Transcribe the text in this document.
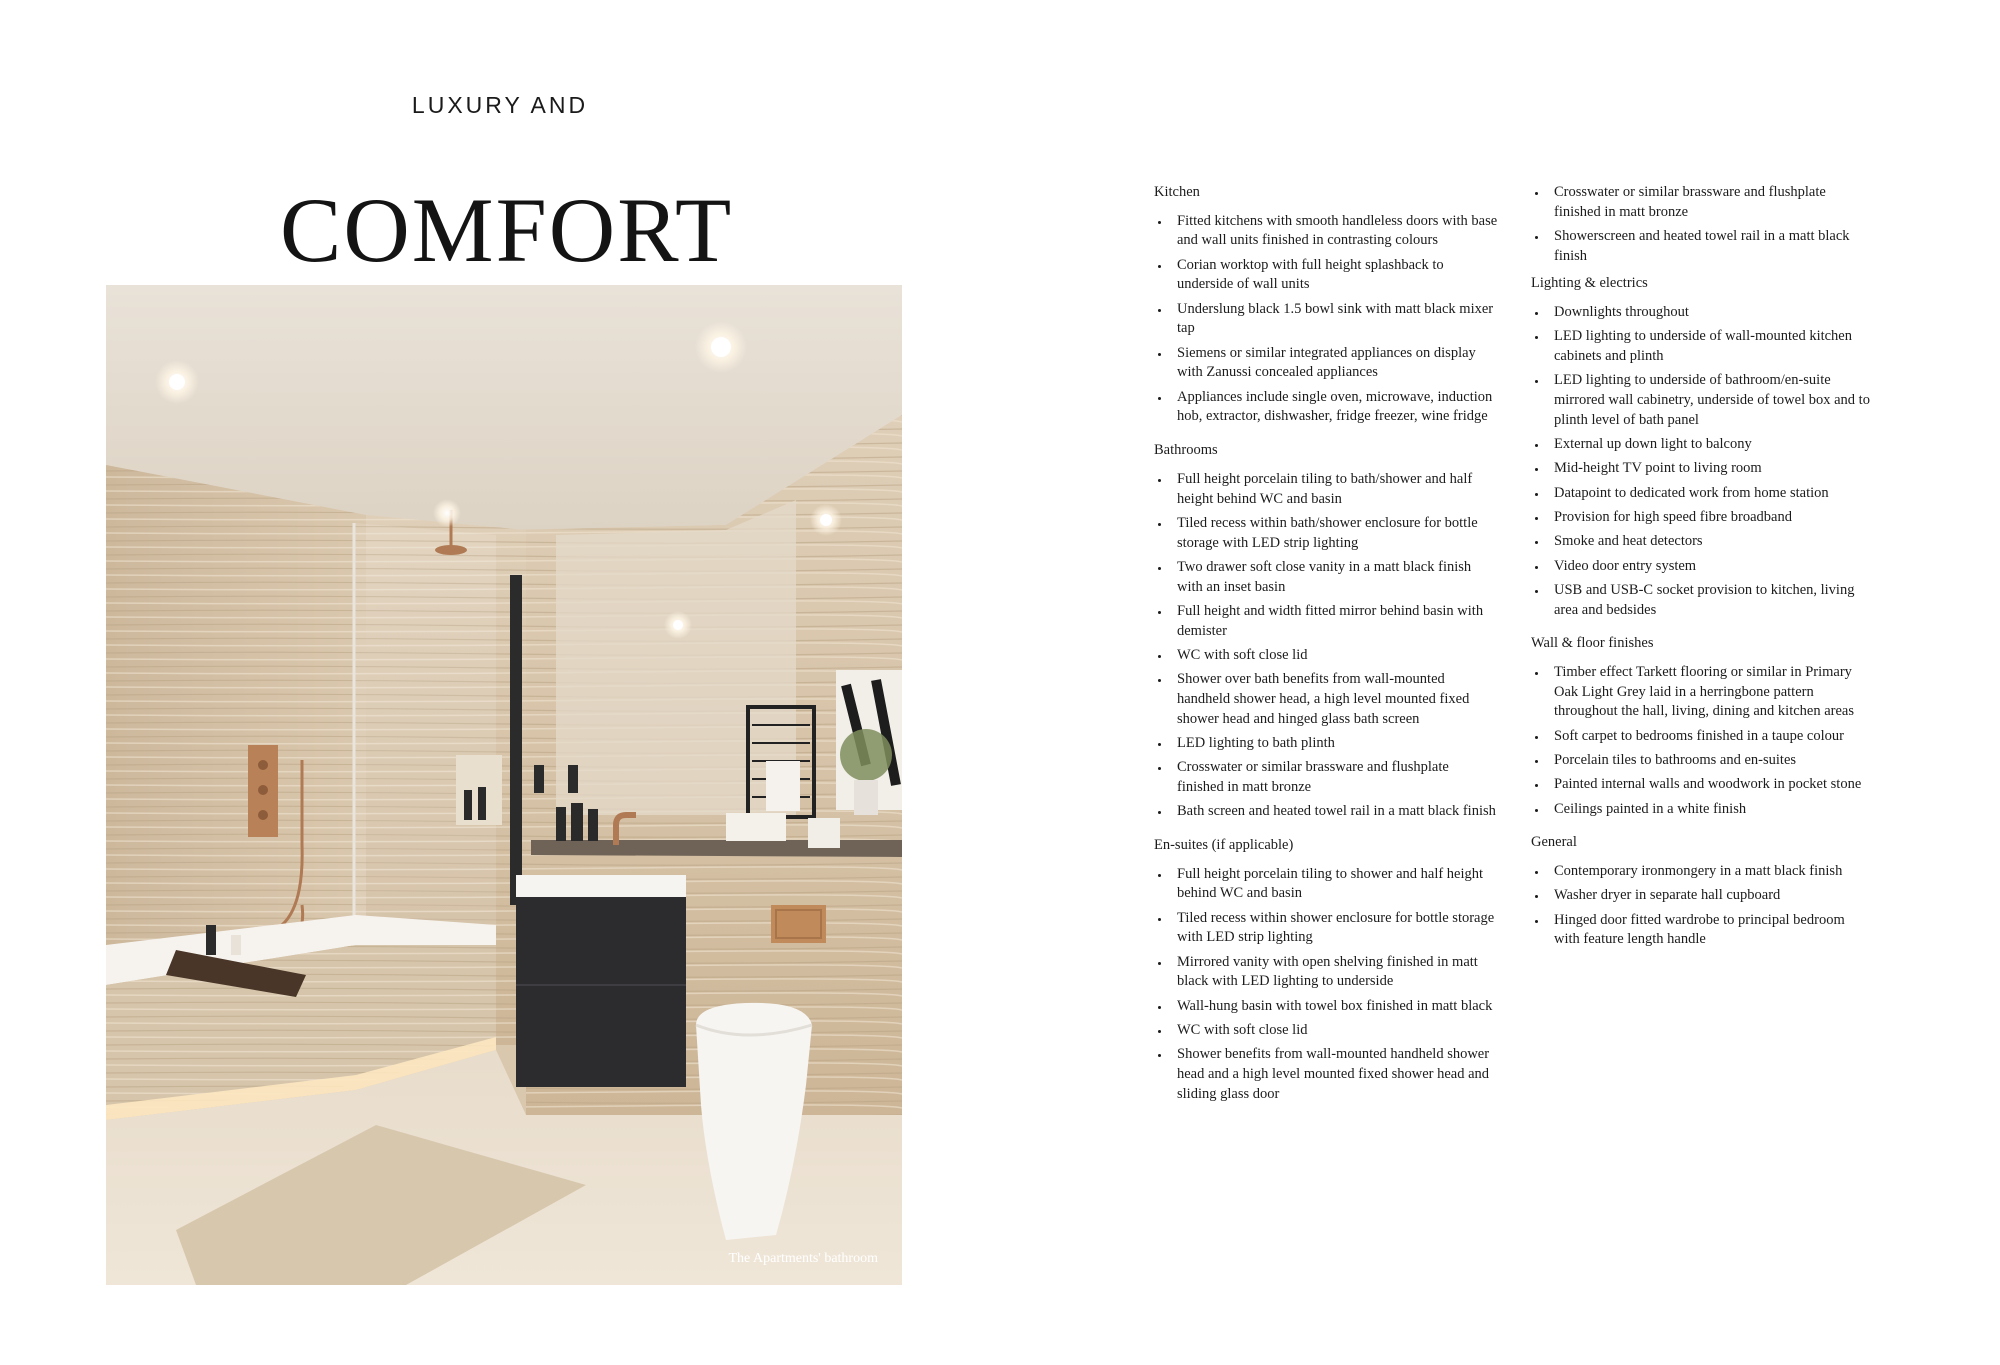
LUXURY AND
COMFORT
The Apartments' bathroom
Kitchen
Fitted kitchens with smooth handleless doors with base and wall units finished in contrasting colours
Corian worktop with full height splashback to underside of wall units
Underslung black 1.5 bowl sink with matt black mixer tap
Siemens or similar integrated appliances on display with Zanussi concealed appliances
Appliances include single oven, microwave, induction hob, extractor, dishwasher, fridge freezer, wine fridge
Bathrooms
Full height porcelain tiling to bath/shower and half height behind WC and basin
Tiled recess within bath/shower enclosure for bottle storage with LED strip lighting
Two drawer soft close vanity in a matt black finish with an inset basin
Full height and width fitted mirror behind basin with demister
WC with soft close lid
Shower over bath benefits from wall-mounted handheld shower head, a high level mounted fixed shower head and hinged glass bath screen
LED lighting to bath plinth
Crosswater or similar brassware and flushplate finished in matt bronze
Bath screen and heated towel rail in a matt black finish
En-suites (if applicable)
Full height porcelain tiling to shower and half height behind WC and basin
Tiled recess within shower enclosure for bottle storage with LED strip lighting
Mirrored vanity with open shelving finished in matt black with LED lighting to underside
Wall-hung basin with towel box finished in matt black
WC with soft close lid
Shower benefits from wall-mounted handheld shower head and a high level mounted fixed shower head and sliding glass door
Crosswater or similar brassware and flushplate finished in matt bronze
Showerscreen and heated towel rail in a matt black finish
Lighting & electrics
Downlights throughout
LED lighting to underside of wall-mounted kitchen cabinets and plinth
LED lighting to underside of bathroom/en-suite mirrored wall cabinetry, underside of towel box and to plinth level of bath panel
External up down light to balcony
Mid-height TV point to living room
Datapoint to dedicated work from home station
Provision for high speed fibre broadband
Smoke and heat detectors
Video door entry system
USB and USB-C socket provision to kitchen, living area and bedsides
Wall & floor finishes
Timber effect Tarkett flooring or similar in Primary Oak Light Grey laid in a herringbone pattern throughout the hall, living, dining and kitchen areas
Soft carpet to bedrooms finished in a taupe colour
Porcelain tiles to bathrooms and en-suites
Painted internal walls and woodwork in pocket stone
Ceilings painted in a white finish
General
Contemporary ironmongery in a matt black finish
Washer dryer in separate hall cupboard
Hinged door fitted wardrobe to principal bedroom with feature length handle
